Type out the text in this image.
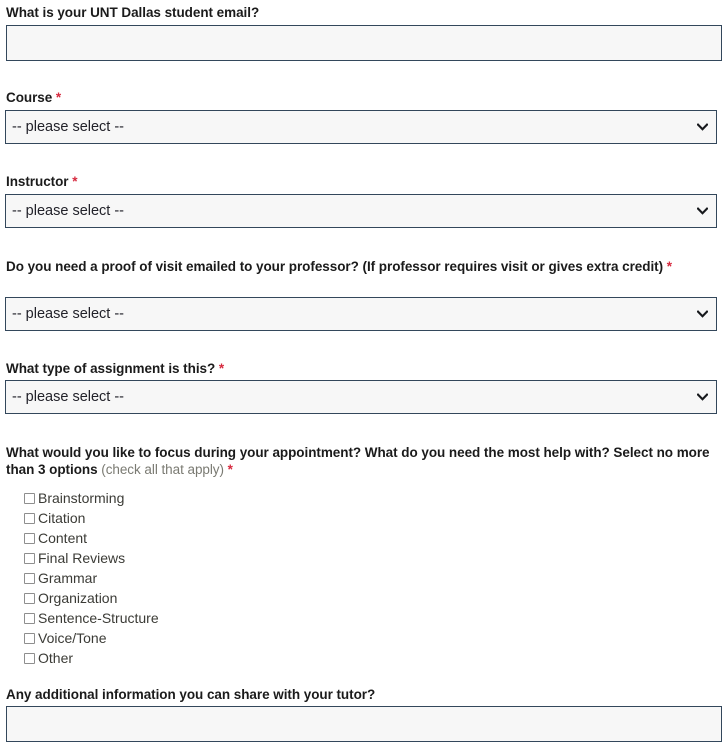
What is your UNT Dallas student email?
Course *
-- please select --
Instructor *
-- please select --
Do you need a proof of visit emailed to your professor? (If professor requires visit or gives extra credit) *
-- please select --
What type of assignment is this? *
-- please select --
What would you like to focus during your appointment? What do you need the most help with? Select no more than 3 options (check all that apply) *
Brainstorming
Citation
Content
Final Reviews
Grammar
Organization
Sentence-Structure
Voice/Tone
Other
Any additional information you can share with your tutor?
